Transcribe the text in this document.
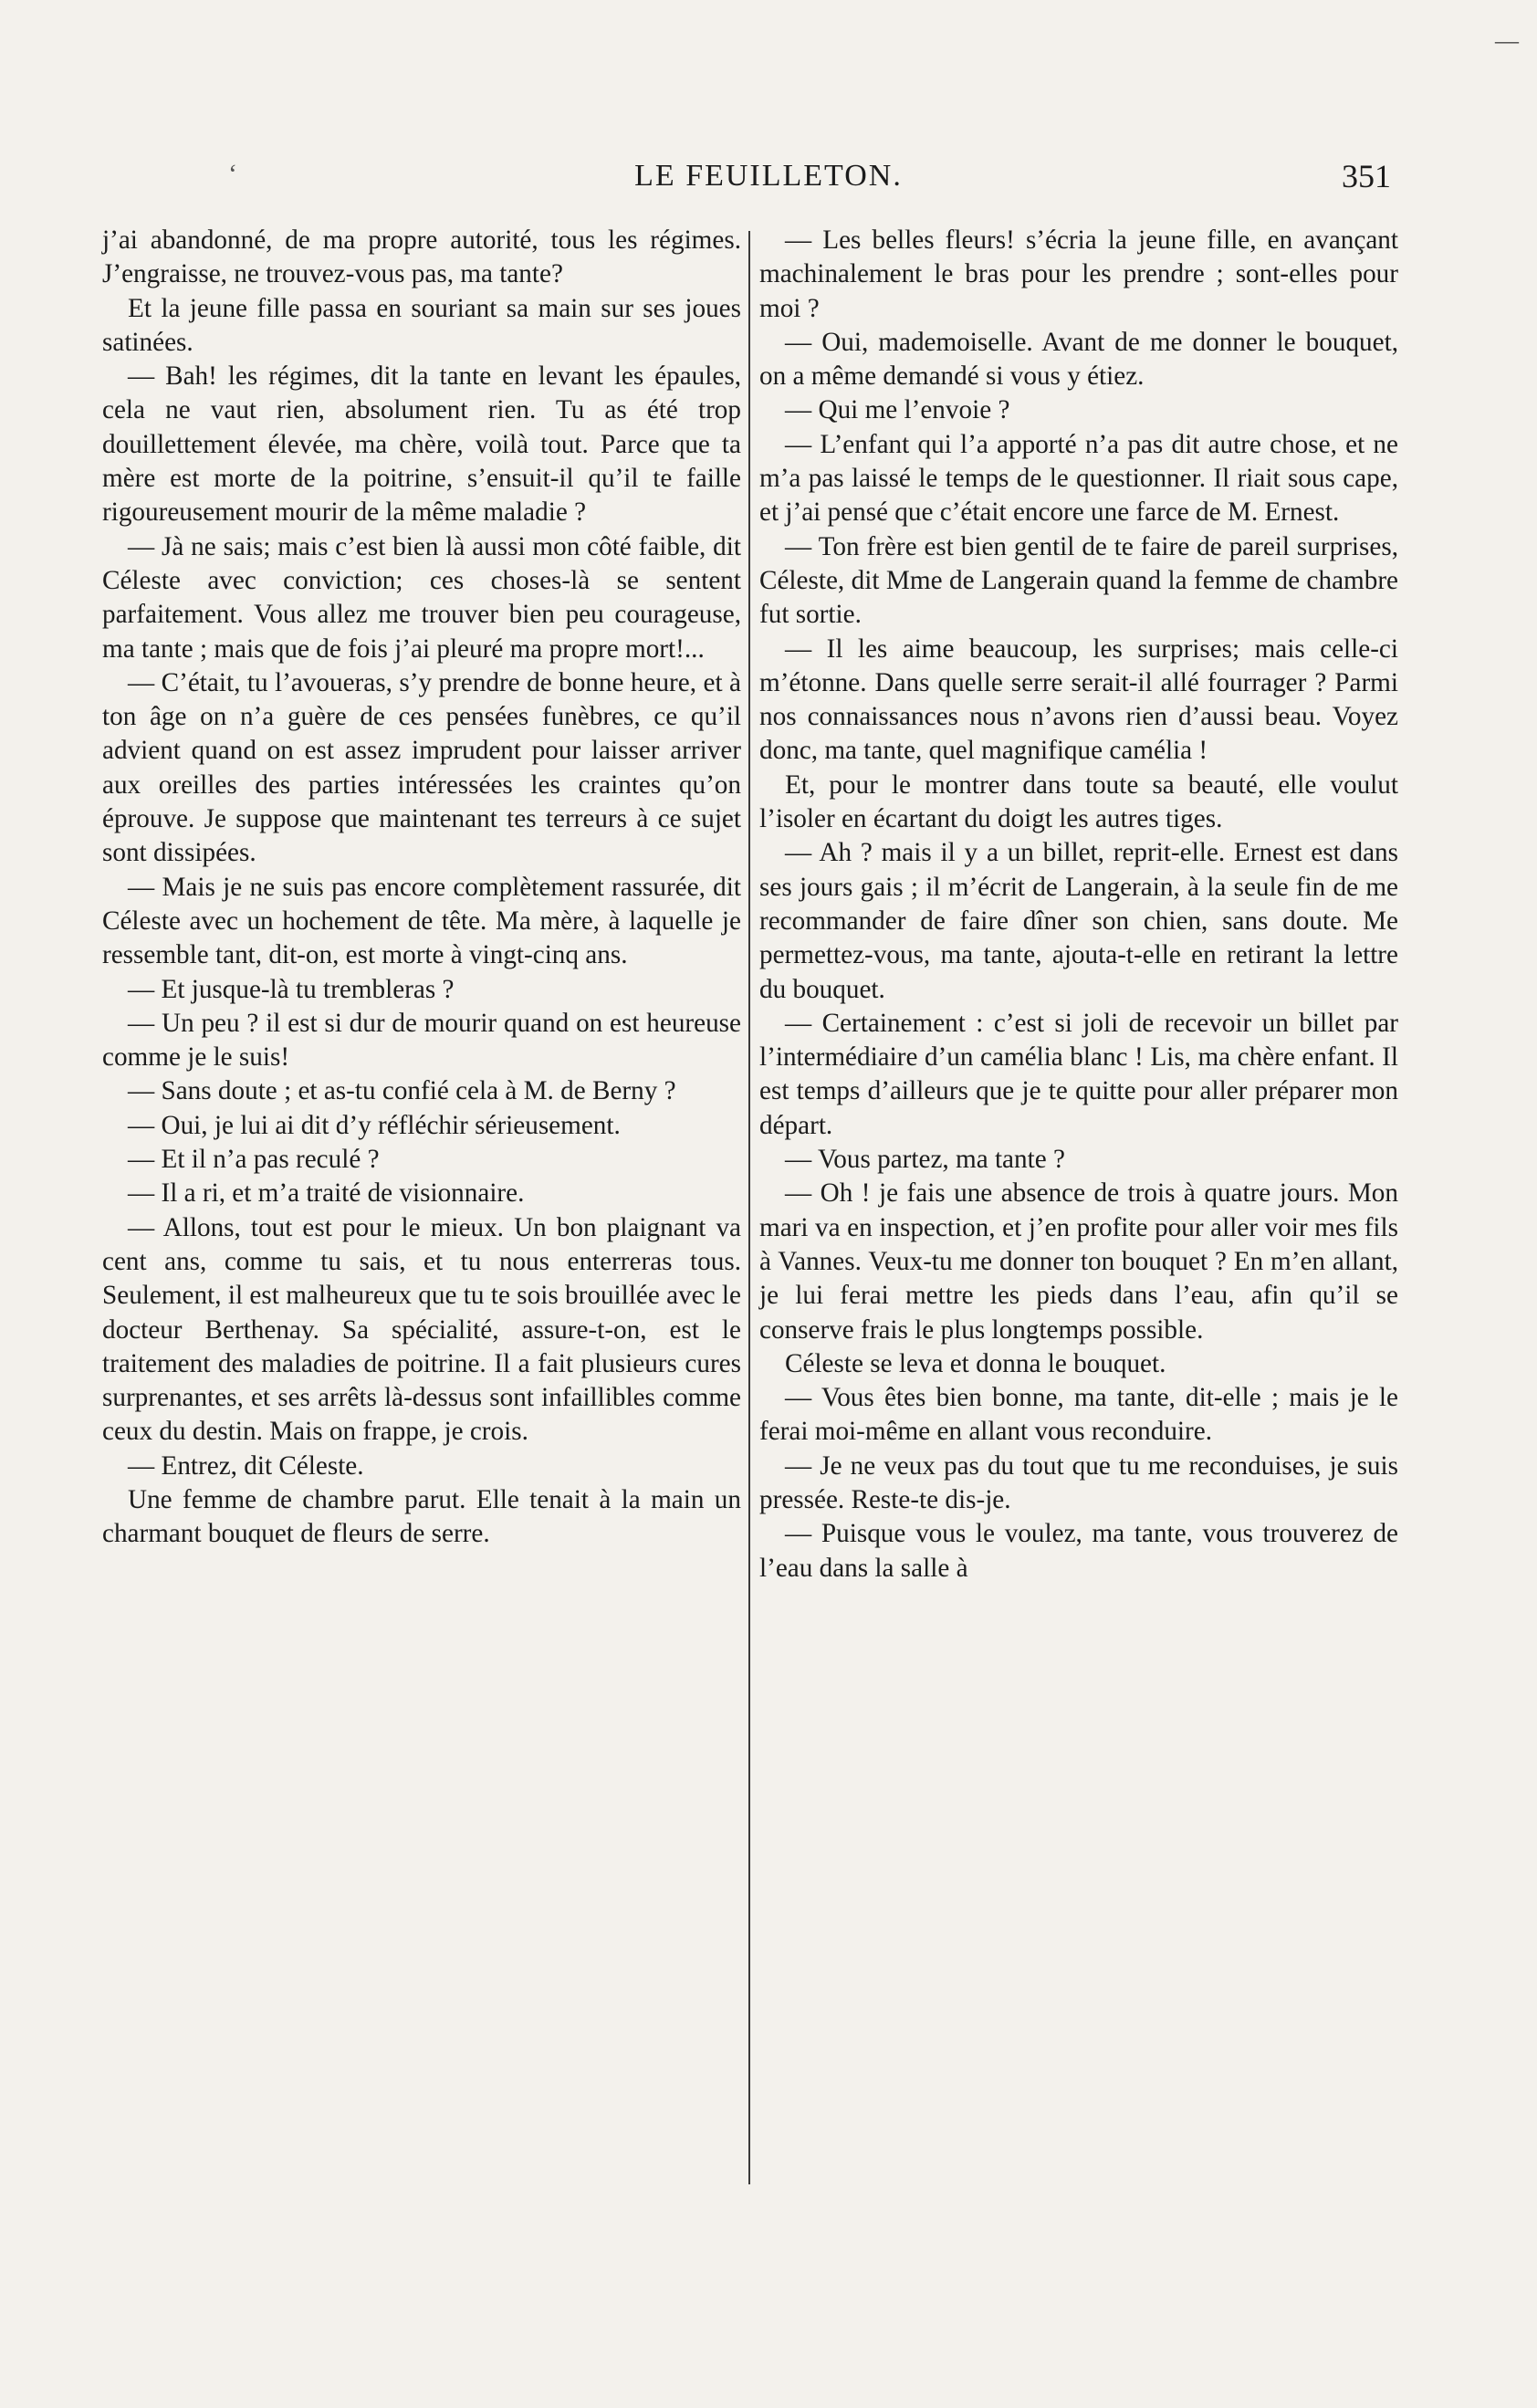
—
‘	LE FEUILLETON.	351

j’ai abandonné, de ma propre autorité, tous les régimes. J’engraisse, ne trouvez-vous pas, ma tante?

Et la jeune fille passa en souriant sa main sur ses joues satinées.

— Bah! les régimes, dit la tante en levant les épaules, cela ne vaut rien, absolument rien. Tu as été trop douillettement élevée, ma chère, voilà tout. Parce que ta mère est morte de la poitrine, s’ensuit-il qu’il te faille rigoureusement mourir de la même maladie ?

— Jà ne sais; mais c’est bien là aussi mon côté faible, dit Céleste avec conviction; ces choses-là se sentent parfaitement. Vous allez me trouver bien peu courageuse, ma tante ; mais que de fois j’ai pleuré ma propre mort!...

— C’était, tu l’avoueras, s’y prendre de bonne heure, et à ton âge on n’a guère de ces pensées funèbres, ce qu’il advient quand on est assez imprudent pour laisser arriver aux oreilles des parties intéressées les craintes qu’on éprouve. Je suppose que maintenant tes terreurs à ce sujet sont dissipées.

— Mais je ne suis pas encore complètement rassurée, dit Céleste avec un hochement de tête. Ma mère, à laquelle je ressemble tant, dit-on, est morte à vingt-cinq ans.

— Et jusque-là tu trembleras ?

— Un peu ? il est si dur de mourir quand on est heureuse comme je le suis!

— Sans doute ; et as-tu confié cela à M. de Berny ?

— Oui, je lui ai dit d’y réfléchir sérieusement.

— Et il n’a pas reculé ?

— Il a ri, et m’a traité de visionnaire.

— Allons, tout est pour le mieux. Un bon plaignant va cent ans, comme tu sais, et tu nous enterreras tous. Seulement, il est malheureux que tu te sois brouillée avec le docteur Berthenay. Sa spécialité, assure-t-on, est le traitement des maladies de poitrine. Il a fait plusieurs cures surprenantes, et ses arrêts là-dessus sont infaillibles comme ceux du destin. Mais on frappe, je crois.

— Entrez, dit Céleste.

Une femme de chambre parut. Elle tenait à la main un charmant bouquet de fleurs de serre.

— Les belles fleurs! s’écria la jeune fille, en avançant machinalement le bras pour les prendre ; sont-elles pour moi ?

— Oui, mademoiselle. Avant de me donner le bouquet, on a même demandé si vous y étiez.

— Qui me l’envoie ?

— L’enfant qui l’a apporté n’a pas dit autre chose, et ne m’a pas laissé le temps de le questionner. Il riait sous cape, et j’ai pensé que c’était encore une farce de M. Ernest.

— Ton frère est bien gentil de te faire de pareil surprises, Céleste, dit Mme de Langerain quand la femme de chambre fut sortie.

— Il les aime beaucoup, les surprises; mais celle-ci m’étonne. Dans quelle serre serait-il allé fourrager ? Parmi nos connaissances nous n’avons rien d’aussi beau. Voyez donc, ma tante, quel magnifique camélia !

Et, pour le montrer dans toute sa beauté, elle voulut l’isoler en écartant du doigt les autres tiges.

— Ah ? mais il y a un billet, reprit-elle. Ernest est dans ses jours gais ; il m’écrit de Langerain, à la seule fin de me recommander de faire dîner son chien, sans doute. Me permettez-vous, ma tante, ajouta-t-elle en retirant la lettre du bouquet.

— Certainement : c’est si joli de recevoir un billet par l’intermédiaire d’un camélia blanc ! Lis, ma chère enfant. Il est temps d’ailleurs que je te quitte pour aller préparer mon départ.

— Vous partez, ma tante ?

— Oh ! je fais une absence de trois à quatre jours. Mon mari va en inspection, et j’en profite pour aller voir mes fils à Vannes. Veux-tu me donner ton bouquet ? En m’en allant, je lui ferai mettre les pieds dans l’eau, afin qu’il se conserve frais le plus longtemps possible.

Céleste se leva et donna le bouquet.

— Vous êtes bien bonne, ma tante, dit-elle ; mais je le ferai moi-même en allant vous reconduire.

— Je ne veux pas du tout que tu me reconduises, je suis pressée. Reste-te dis-je.

— Puisque vous le voulez, ma tante, vous trouverez de l’eau dans la salle à
